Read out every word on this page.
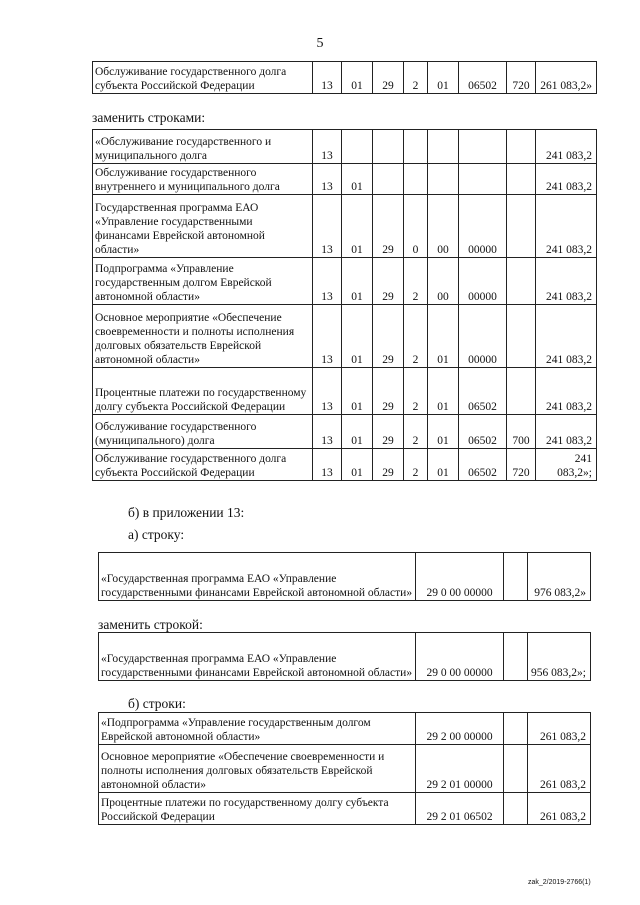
5
Обслуживание государственного долга субъекта Российской Федерации	13	01	29	2	01	06502	720	261 083,2»
заменить строками:
«Обслуживание государственного и муниципального долга	13							241 083,2
Обслуживание государственного внутреннего и муниципального долга	13	01						241 083,2
Государственная программа ЕАО «Управление государственными финансами Еврейской автономной области»	13	01	29	0	00	00000		241 083,2
Подпрограмма «Управление государственным долгом Еврейской автономной области»	13	01	29	2	00	00000		241 083,2
Основное мероприятие «Обеспечение своевременности и полноты исполнения долговых обязательств Еврейской автономной области»	13	01	29	2	01	00000		241 083,2
Процентные платежи по государственному долгу субъекта Российской Федерации	13	01	29	2	01	06502		241 083,2
Обслуживание государственного (муниципального) долга	13	01	29	2	01	06502	700	241 083,2
Обслуживание государственного долга субъекта Российской Федерации	13	01	29	2	01	06502	720	241 083,2»;
б) в приложении 13:
а) строку:
«Государственная программа ЕАО «Управление государственными финансами Еврейской автономной области»	29 0 00 00000		976 083,2»
заменить строкой:
«Государственная программа ЕАО «Управление государственными финансами Еврейской автономной области»	29 0 00 00000		956 083,2»;
б) строки:
«Подпрограмма «Управление государственным долгом Еврейской автономной области»	29 2 00 00000		261 083,2
Основное мероприятие «Обеспечение своевременности и полноты исполнения долговых обязательств Еврейской автономной области»	29 2 01 00000		261 083,2
Процентные платежи по государственному долгу субъекта Российской Федерации	29 2 01 06502		261 083,2
zak_2/2019-2766(1)
